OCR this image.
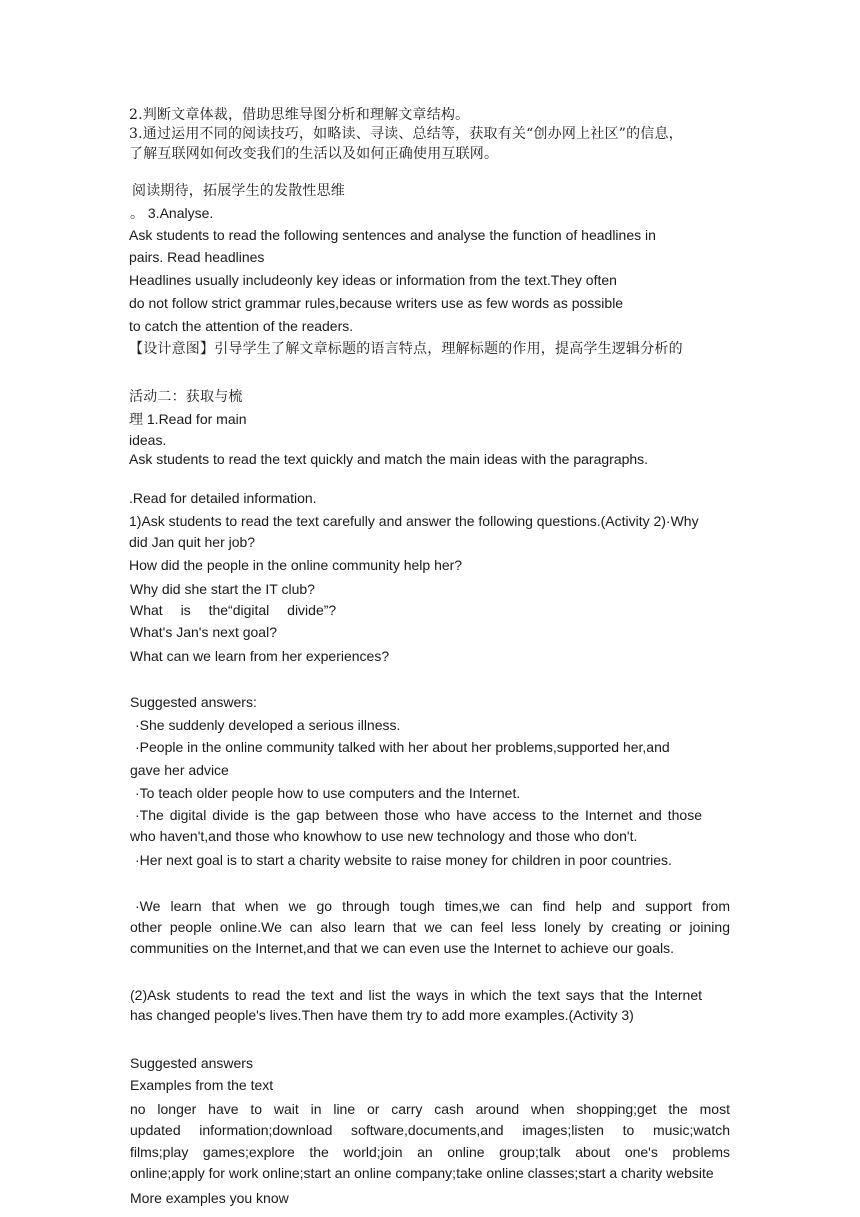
2.判断文章体裁，借助思维导图分析和理解文章结构。
3.通过运用不同的阅读技巧，如略读、寻读、总结等，获取有关“创办网上社区”的信息，
了解互联网如何改变我们的生活以及如何正确使用互联网。
阅读期待，拓展学生的发散性思维
。 3.Analyse.
Ask students to read the following sentences and analyse the function of headlines in
pairs. Read headlines
Headlines usually includeonly key ideas or information from the text.They often
do not follow strict grammar rules,because writers use as few words as possible
to catch the attention of the readers.
【设计意图】引导学生了解文章标题的语言特点，理解标题的作用，提高学生逻辑分析的
活动二：获取与梳
理 1.Read for main
ideas.
Ask students to read the text quickly and match the main ideas with the paragraphs.
.Read for detailed information.
1)Ask students to read the text carefully and answer the following questions.(Activity 2)·Why
did Jan quit her job?
How did the people in the online community help her?
Why did she start the IT club?
What is the“digital divide”?
What's Jan's next goal?
What can we learn from her experiences?
Suggested answers:
·She suddenly developed a serious illness.
·People in the online community talked with her about her problems,supported her,and
gave her advice
·To teach older people how to use computers and the Internet.
·The digital divide is the gap between those who have access to the Internet and those
who haven't,and those who knowhow to use new technology and those who don't.
·Her next goal is to start a charity website to raise money for children in poor countries.
·We learn that when we go through tough times,we can find help and support from
other people online.We can also learn that we can feel less lonely by creating or joining
communities on the Internet,and that we can even use the Internet to achieve our goals.
(2)Ask students to read the text and list the ways in which the text says that the Internet
has changed people's lives.Then have them try to add more examples.(Activity 3)
Suggested answers
Examples from the text
no longer have to wait in line or carry cash around when shopping;get the most
updated information;download software,documents,and images;listen to music;watch
films;play games;explore the world;join an online group;talk about one's problems
online;apply for work online;start an online company;take online classes;start a charity website
More examples you know
